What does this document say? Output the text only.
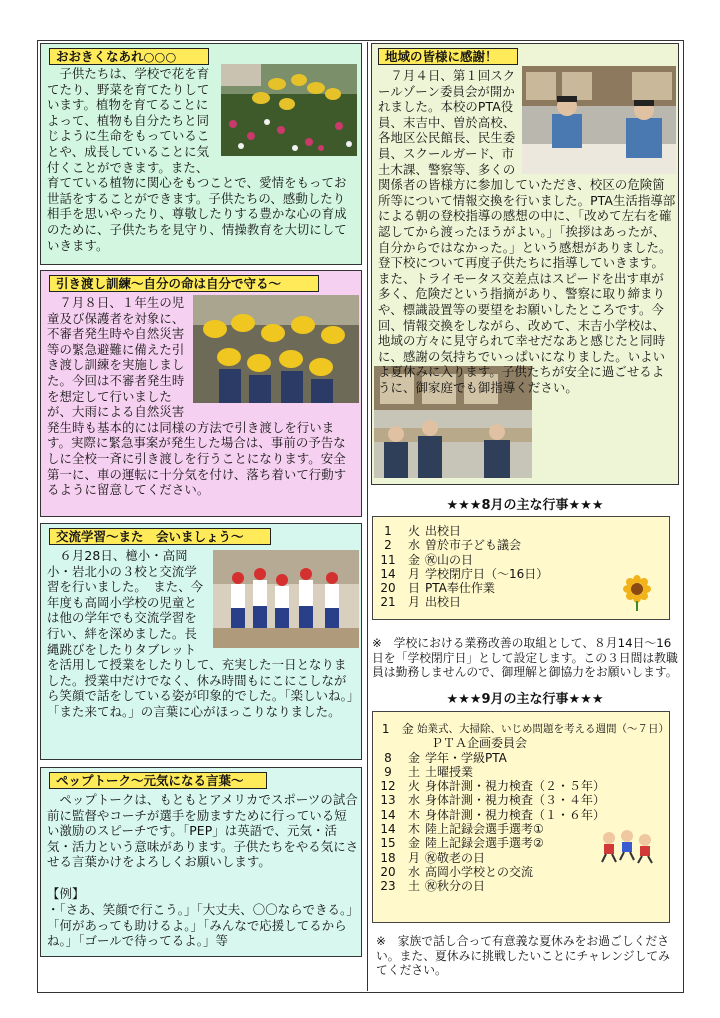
おおきくなあれ○○○
子供たちは、学校で花を育てたり、野菜を育てたりしています。植物を育てることによって、植物も自分たちと同じように生命をもっていることや、成長していることに気付くことができます。また、育てている植物に関心をもつことで、愛情をもってお世話をすることができます。子供たちの、感動したり相手を思いやったり、尊敬したりする豊かな心の育成のために、子供たちを見守り、情操教育を大切にしていきます。
引き渡し訓練～自分の命は自分で守る～
７月８日、１年生の児童及び保護者を対象に、不審者発生時や自然災害等の緊急避難に備えた引き渡し訓練を実施しました。今回は不審者発生時を想定して行いましたが、大雨による自然災害発生時も基本的には同様の方法で引き渡しを行います。実際に緊急事案が発生した場合は、事前の予告なしに全校一斉に引き渡しを行うことになります。安全第一に、車の運転に十分気を付け、落ち着いて行動するように留意してください。
交流学習～また　会いましょう～
６月28日、檍小・高岡小・岩北小の３校と交流学習を行いました。　また、今年度も高岡小学校の児童とは他の学年でも交流学習を行い、絆を深めました。長縄跳びをしたりタブレットを活用して授業をしたりして、充実した一日となりました。授業中だけでなく、休み時間もにこにこしながら笑顔で話をしている姿が印象的でした。「楽しいね。」「また来てね。」の言葉に心がほっこりなりました。
ペップトーク～元気になる言葉～
ペップトークは、もともとアメリカでスポーツの試合前に監督やコーチが選手を励ますために行っている短い激励のスピーチです。「PEP」は英語で、元気・活気・活力という意味があります。子供たちをやる気にさせる言葉かけをよろしくお願いします。
【例】
・「さあ、笑顔で行こう。」「大丈夫、〇〇ならできる。」「何があっても助けるよ。」「みんなで応援してるからね。」「ゴールで待ってるよ。」等
地域の皆様に感謝！
７月４日、第１回スクールゾーン委員会が開かれました。本校のPTA役員、末吉中、曽於高校、各地区公民館長、民生委員、スクールガード、市土木課、警察等、多くの関係者の皆様方に参加していただき、校区の危険箇所等について情報交換を行いました。PTA生活指導部による朝の登校指導の感想の中に、「改めて左右を確認してから渡ったほうがよい。」「挨拶はあったが、自分からではなかった。」という感想がありました。登下校について再度子供たちに指導していきます。また、トライモータス交差点はスピードを出す車が多く、危険だという指摘があり、警察に取り締まりや、標識設置等の要望をお願いしたところです。今回、情報交換をしながら、改めて、末吉小学校は、地域の方々に見守られて幸せだなあと感じたと同時に、感謝の気持ちでいっぱいになりました。いよいよ夏休みに入ります。子供たちが安全に過ごせるように、御家庭でも御指導ください。
★★★8月の主な行事★★★
1	火 出校日
2	水 曽於市子ども議会
11	金 ㊗山の日
14	月 学校閉庁日（～16日）
20	日 PTA奉仕作業
21	月 出校日
※　学校における業務改善の取組として、８月14日～16日を「学校閉庁日」として設定します。この３日間は教職員は勤務しませんので、御理解と御協力をお願いします。
★★★9月の主な行事★★★
1	金 始業式、大掃除、いじめ問題を考える週間（～７日）
ＰＴＡ企画委員会
8	金 学年・学級PTA
9	土 土曜授業
12	火 身体計測・視力検査（２・５年）
13	水 身体計測・視力検査（３・４年）
14	木 身体計測・視力検査（１・６年）
14	木 陸上記録会選手選考①
15	金 陸上記録会選手選考②
18	月 ㊗敬老の日
20	水 高岡小学校との交流
23	土 ㊗秋分の日
※　家族で話し合って有意義な夏休みをお過ごしください。また、夏休みに挑戦したいことにチャレンジしてみてください。
